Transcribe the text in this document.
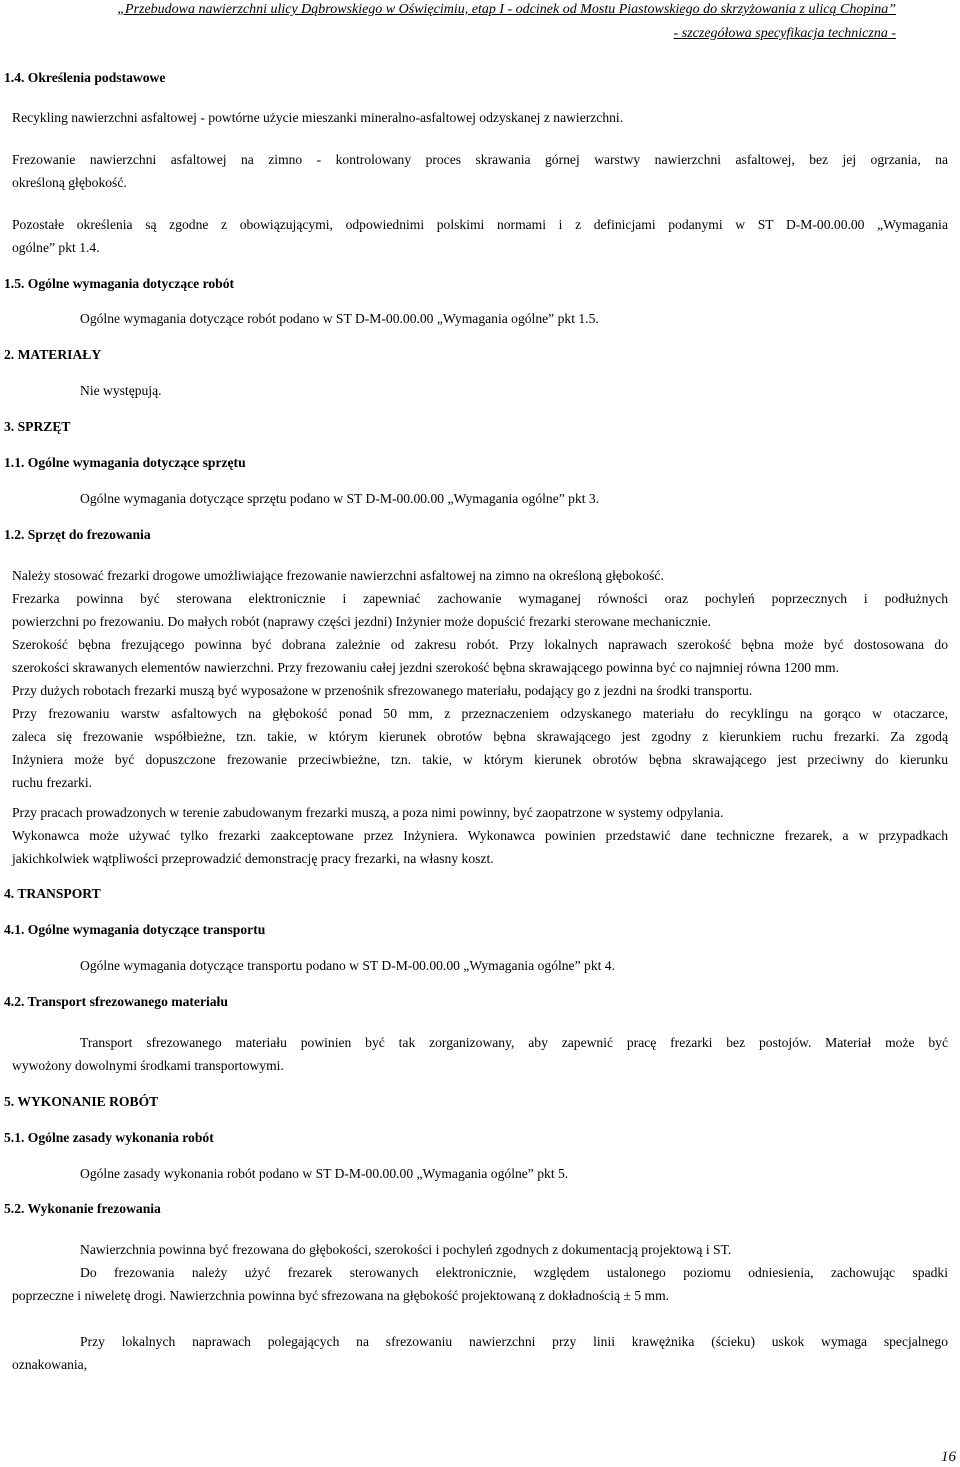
„Przebudowa nawierzchni ulicy Dąbrowskiego w Oświęcimiu, etap I - odcinek od Mostu Piastowskiego do skrzyżowania z ulicą Chopina”
- szczegółowa specyfikacja techniczna -
1.4. Określenia podstawowe
Recykling nawierzchni asfaltowej - powtórne użycie mieszanki mineralno-asfaltowej odzyskanej z nawierzchni.
Frezowanie nawierzchni asfaltowej na zimno - kontrolowany proces skrawania górnej warstwy nawierzchni asfaltowej, bez jej ogrzania, na
określoną głębokość.
Pozostałe określenia są zgodne z obowiązującymi, odpowiednimi polskimi normami i z definicjami podanymi w ST D-M-00.00.00 „Wymagania
ogólne” pkt 1.4.
1.5. Ogólne wymagania dotyczące robót
Ogólne wymagania dotyczące robót podano w ST D-M-00.00.00 „Wymagania ogólne” pkt 1.5.
2. MATERIAŁY
Nie występują.
3. SPRZĘT
1.1. Ogólne wymagania dotyczące sprzętu
Ogólne wymagania dotyczące sprzętu podano w ST D-M-00.00.00 „Wymagania ogólne” pkt 3.
1.2. Sprzęt do frezowania
Należy stosować frezarki drogowe umożliwiające frezowanie nawierzchni asfaltowej na zimno na określoną głębokość.
Frezarka powinna być sterowana elektronicznie i zapewniać zachowanie wymaganej równości oraz pochyleń poprzecznych i podłużnych
powierzchni po frezowaniu. Do małych robót (naprawy części jezdni) Inżynier może dopuścić frezarki sterowane mechanicznie.
Szerokość bębna frezującego powinna być dobrana zależnie od zakresu robót. Przy lokalnych naprawach szerokość bębna może być dostosowana do
szerokości skrawanych elementów nawierzchni. Przy frezowaniu całej jezdni szerokość bębna skrawającego powinna być co najmniej równa 1200 mm.
Przy dużych robotach frezarki muszą być wyposażone w przenośnik sfrezowanego materiału, podający go z jezdni na środki transportu.
Przy frezowaniu warstw asfaltowych na głębokość ponad 50 mm, z przeznaczeniem odzyskanego materiału do recyklingu na gorąco w otaczarce,
zaleca się frezowanie współbieżne, tzn. takie, w którym kierunek obrotów bębna skrawającego jest zgodny z kierunkiem ruchu frezarki. Za zgodą
Inżyniera może być dopuszczone frezowanie przeciwbieżne, tzn. takie, w którym kierunek obrotów bębna skrawającego jest przeciwny do kierunku
ruchu frezarki.
Przy pracach prowadzonych w terenie zabudowanym frezarki muszą, a poza nimi powinny, być zaopatrzone w systemy odpylania.
Wykonawca może używać tylko frezarki zaakceptowane przez Inżyniera. Wykonawca powinien przedstawić dane techniczne frezarek, a w przypadkach
jakichkolwiek wątpliwości przeprowadzić demonstrację pracy frezarki, na własny koszt.
4. TRANSPORT
4.1. Ogólne wymagania dotyczące transportu
Ogólne wymagania dotyczące transportu podano w ST D-M-00.00.00 „Wymagania ogólne” pkt 4.
4.2. Transport sfrezowanego materiału
Transport sfrezowanego materiału powinien być tak zorganizowany, aby zapewnić pracę frezarki bez postojów. Materiał może być
wywożony dowolnymi środkami transportowymi.
5. WYKONANIE ROBÓT
5.1. Ogólne zasady wykonania robót
Ogólne zasady wykonania robót podano w ST D-M-00.00.00 „Wymagania ogólne” pkt 5.
5.2. Wykonanie frezowania
Nawierzchnia powinna być frezowana do głębokości, szerokości i pochyleń zgodnych z dokumentacją projektową i ST.
Do frezowania należy użyć frezarek sterowanych elektronicznie, względem ustalonego poziomu odniesienia, zachowując spadki
poprzeczne i niweletę drogi. Nawierzchnia powinna być sfrezowana na głębokość projektowaną z dokładnością ± 5 mm.
Przy lokalnych naprawach polegających na sfrezowaniu nawierzchni przy linii krawężnika (ścieku) uskok wymaga specjalnego
oznakowania,
16
